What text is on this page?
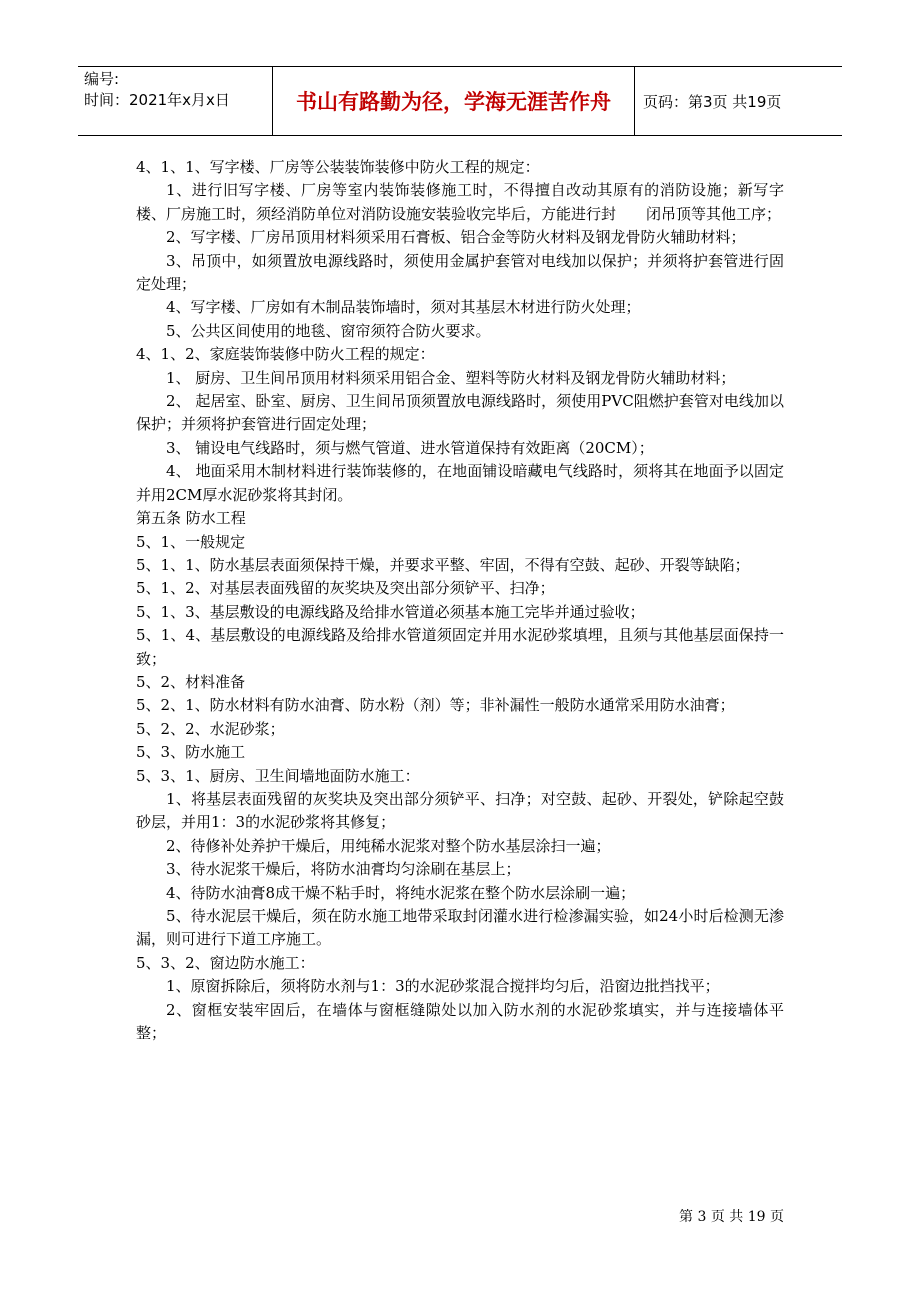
编号:
时间：2021年x月x日	书山有路勤为径，学海无涯苦作舟	页码：第3页 共19页

4、1、1、写字楼、厂房等公装装饰装修中防火工程的规定：

1、进行旧写字楼、厂房等室内装饰装修施工时，不得擅自改动其原有的消防设施；新写字楼、厂房施工时，须经消防单位对消防设施安装验收完毕后，方能进行封　　闭吊顶等其他工序；

2、写字楼、厂房吊顶用材料须采用石膏板、铝合金等防火材料及钢龙骨防火辅助材料；

3、吊顶中，如须置放电源线路时，须使用金属护套管对电线加以保护；并须将护套管进行固定处理；

4、写字楼、厂房如有木制品装饰墙时，须对其基层木材进行防火处理；

5、公共区间使用的地毯、窗帘须符合防火要求。

4、1、2、家庭装饰装修中防火工程的规定：

1、 厨房、卫生间吊顶用材料须采用铝合金、塑料等防火材料及钢龙骨防火辅助材料；

2、 起居室、卧室、厨房、卫生间吊顶须置放电源线路时，须使用PVC阻燃护套管对电线加以保护；并须将护套管进行固定处理；

3、 铺设电气线路时，须与燃气管道、进水管道保持有效距离（20CM）；

4、 地面采用木制材料进行装饰装修的，在地面铺设暗藏电气线路时，须将其在地面予以固定并用2CM厚水泥砂浆将其封闭。

第五条 防水工程

5、1、一般规定

5、1、1、防水基层表面须保持干燥，并要求平整、牢固，不得有空鼓、起砂、开裂等缺陷；

5、1、2、对基层表面残留的灰奖块及突出部分须铲平、扫净；

5、1、3、基层敷设的电源线路及给排水管道必须基本施工完毕并通过验收；

5、1、4、基层敷设的电源线路及给排水管道须固定并用水泥砂浆填埋，且须与其他基层面保持一致；

5、2、材料准备

5、2、1、防水材料有防水油膏、防水粉（剂）等；非补漏性一般防水通常采用防水油膏；

5、2、2、水泥砂浆；

5、3、防水施工

5、3、1、厨房、卫生间墙地面防水施工：

1、将基层表面残留的灰奖块及突出部分须铲平、扫净；对空鼓、起砂、开裂处，铲除起空鼓砂层，并用1：3的水泥砂浆将其修复；

2、待修补处养护干燥后，用纯稀水泥浆对整个防水基层涂扫一遍；

3、待水泥浆干燥后，将防水油膏均匀涂刷在基层上；

4、待防水油膏8成干燥不粘手时，将纯水泥浆在整个防水层涂刷一遍；

5、待水泥层干燥后，须在防水施工地带采取封闭灌水进行检渗漏实验，如24小时后检测无渗漏，则可进行下道工序施工。

5、3、2、窗边防水施工：

1、原窗拆除后，须将防水剂与1：3的水泥砂浆混合搅拌均匀后，沿窗边批挡找平；

2、窗框安装牢固后，在墙体与窗框缝隙处以加入防水剂的水泥砂浆填实，并与连接墙体平整；

第 3 页 共 19 页
